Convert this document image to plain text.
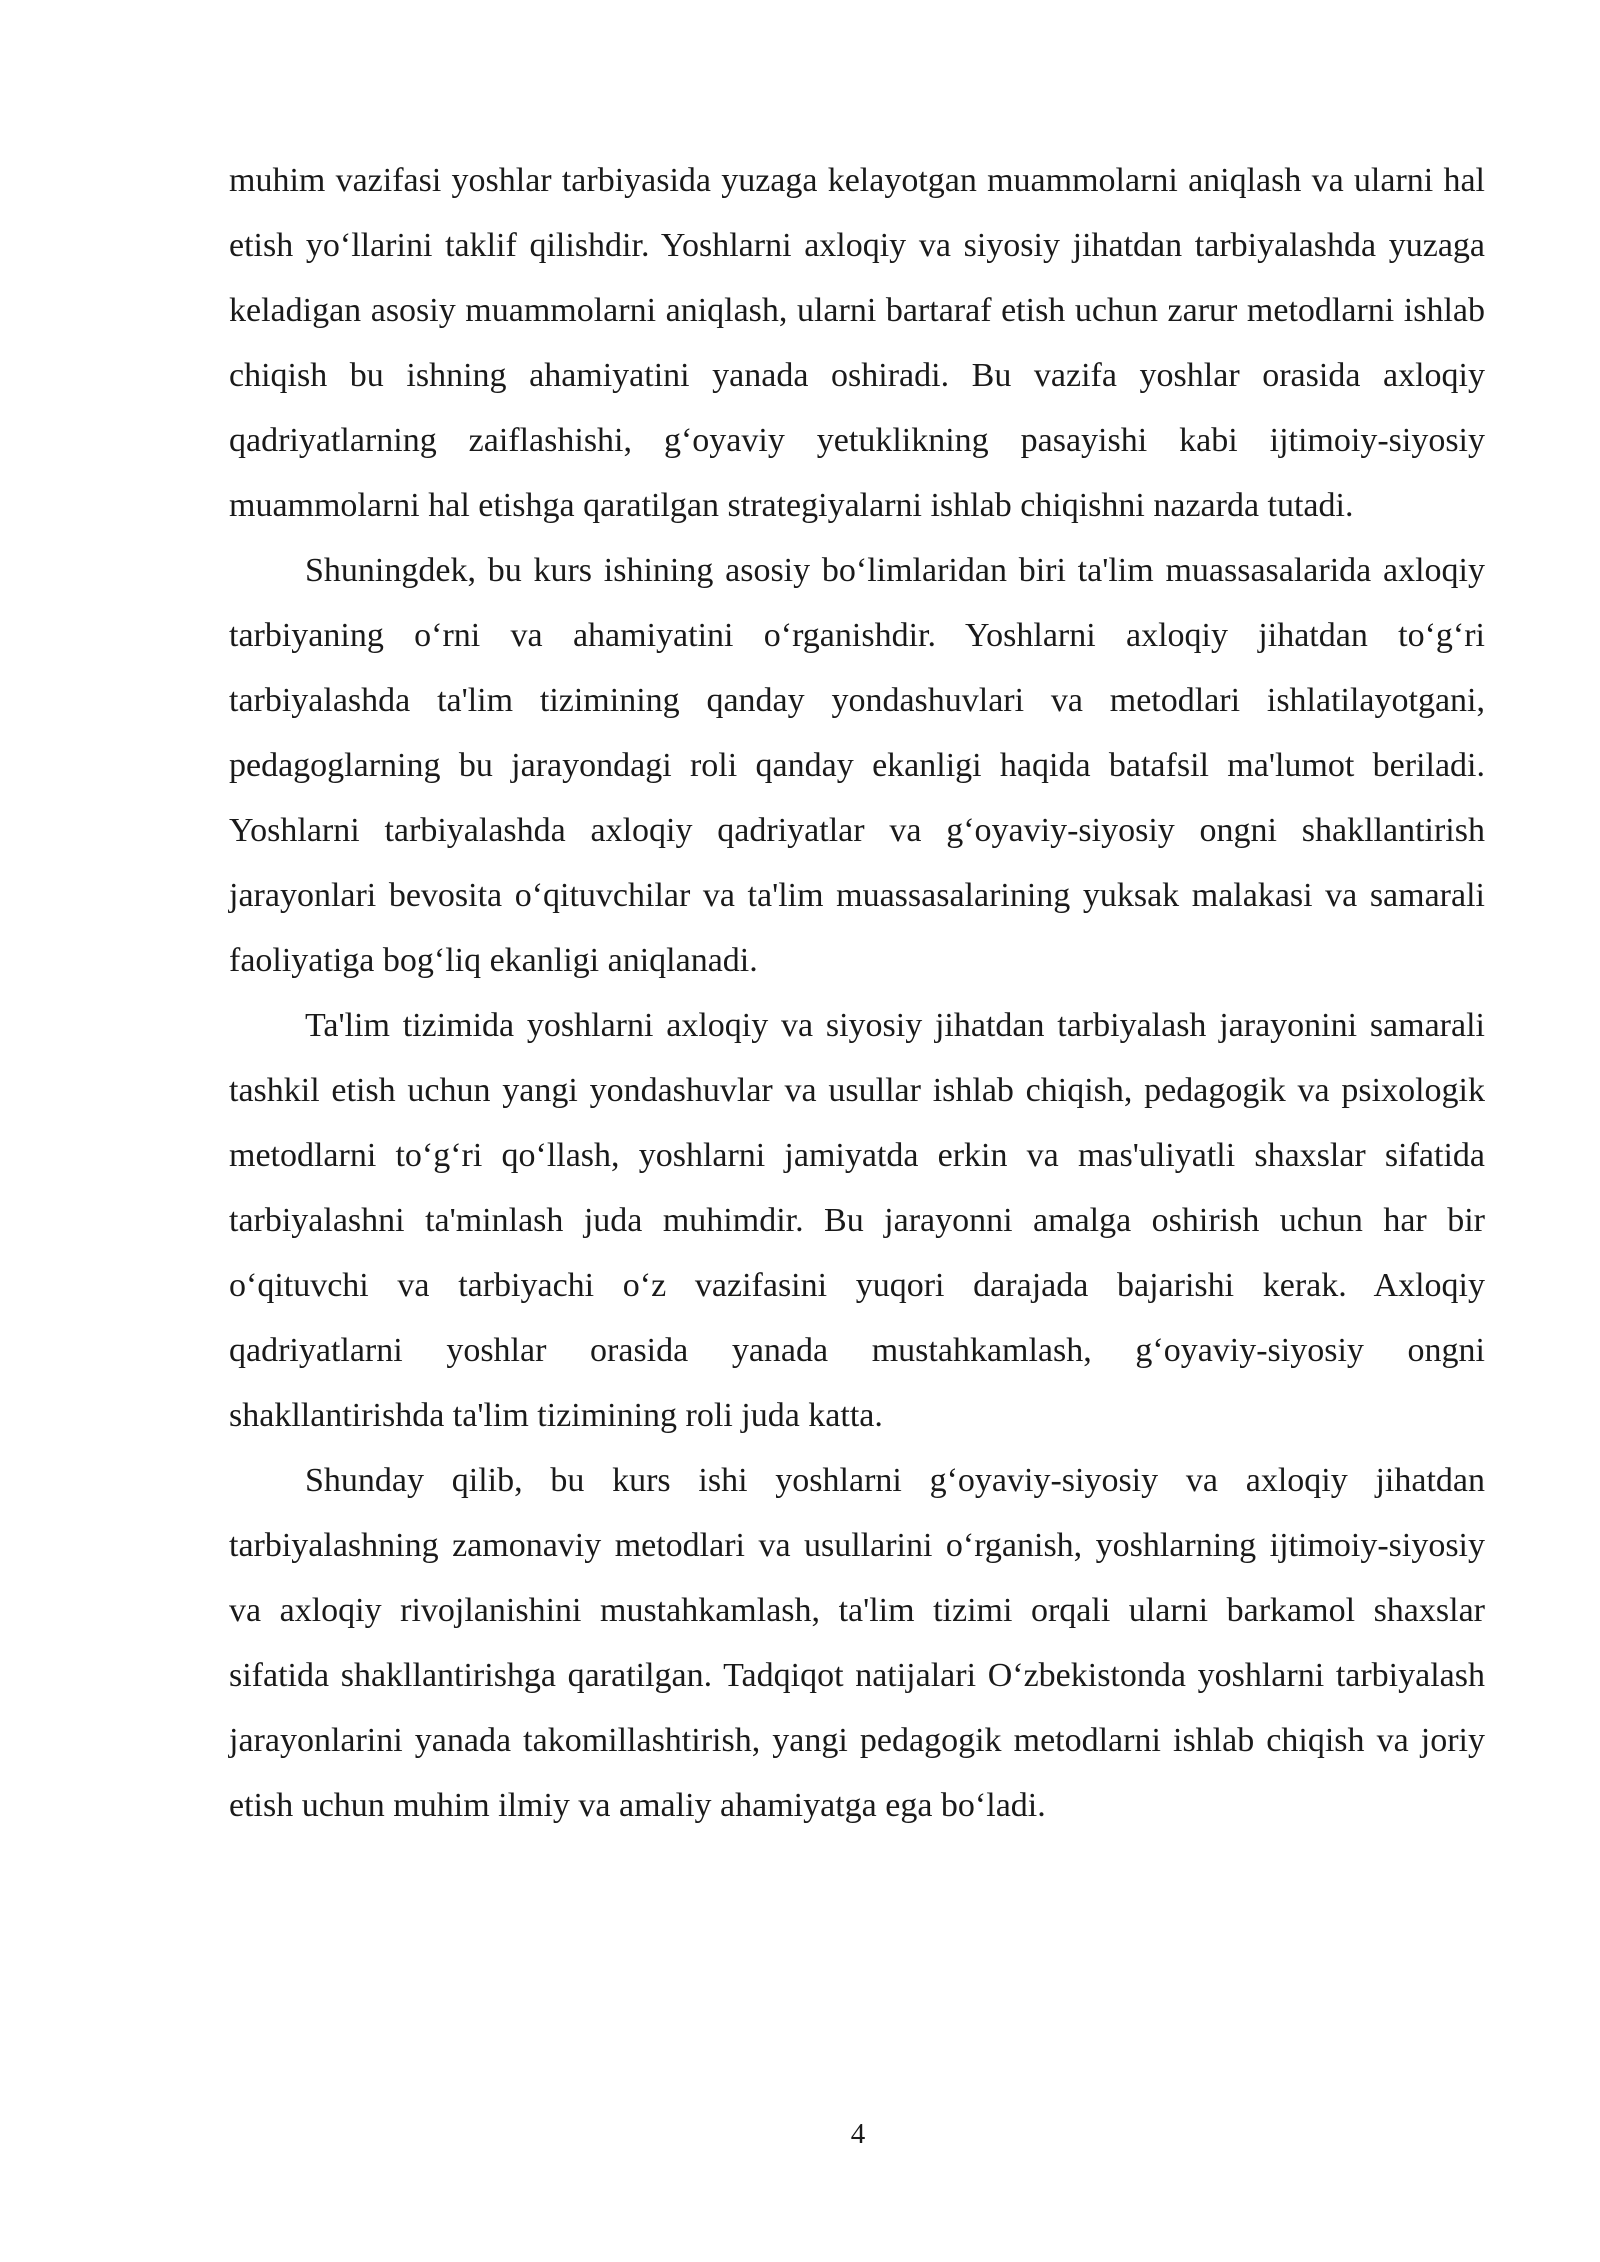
muhim vazifasi yoshlar tarbiyasida yuzaga kelayotgan muammolarni aniqlash va ularni hal etish yo‘llarini taklif qilishdir. Yoshlarni axloqiy va siyosiy jihatdan tarbiyalashda yuzaga keladigan asosiy muammolarni aniqlash, ularni bartaraf etish uchun zarur metodlarni ishlab chiqish bu ishning ahamiyatini yanada oshiradi. Bu vazifa yoshlar orasida axloqiy qadriyatlarning zaiflashishi, g‘oyaviy yetuklikning pasayishi kabi ijtimoiy-siyosiy muammolarni hal etishga qaratilgan strategiyalarni ishlab chiqishni nazarda tutadi.

Shuningdek, bu kurs ishining asosiy bo‘limlaridan biri ta'lim muassasalarida axloqiy tarbiyaning o‘rni va ahamiyatini o‘rganishdir. Yoshlarni axloqiy jihatdan to‘g‘ri tarbiyalashda ta'lim tizimining qanday yondashuvlari va metodlari ishlatilayotgani, pedagoglarning bu jarayondagi roli qanday ekanligi haqida batafsil ma'lumot beriladi. Yoshlarni tarbiyalashda axloqiy qadriyatlar va g‘oyaviy-siyosiy ongni shakllantirish jarayonlari bevosita o‘qituvchilar va ta'lim muassasalarining yuksak malakasi va samarali faoliyatiga bog‘liq ekanligi aniqlanadi.

Ta'lim tizimida yoshlarni axloqiy va siyosiy jihatdan tarbiyalash jarayonini samarali tashkil etish uchun yangi yondashuvlar va usullar ishlab chiqish, pedagogik va psixologik metodlarni to‘g‘ri qo‘llash, yoshlarni jamiyatda erkin va mas'uliyatli shaxslar sifatida tarbiyalashni ta'minlash juda muhimdir. Bu jarayonni amalga oshirish uchun har bir o‘qituvchi va tarbiyachi o‘z vazifasini yuqori darajada bajarishi kerak. Axloqiy qadriyatlarni yoshlar orasida yanada mustahkamlash, g‘oyaviy-siyosiy ongni shakllantirishda ta'lim tizimining roli juda katta.

Shunday qilib, bu kurs ishi yoshlarni g‘oyaviy-siyosiy va axloqiy jihatdan tarbiyalashning zamonaviy metodlari va usullarini o‘rganish, yoshlarning ijtimoiy-siyosiy va axloqiy rivojlanishini mustahkamlash, ta'lim tizimi orqali ularni barkamol shaxslar sifatida shakllantirishga qaratilgan. Tadqiqot natijalari O‘zbekistonda yoshlarni tarbiyalash jarayonlarini yanada takomillashtirish, yangi pedagogik metodlarni ishlab chiqish va joriy etish uchun muhim ilmiy va amaliy ahamiyatga ega bo‘ladi.

4
